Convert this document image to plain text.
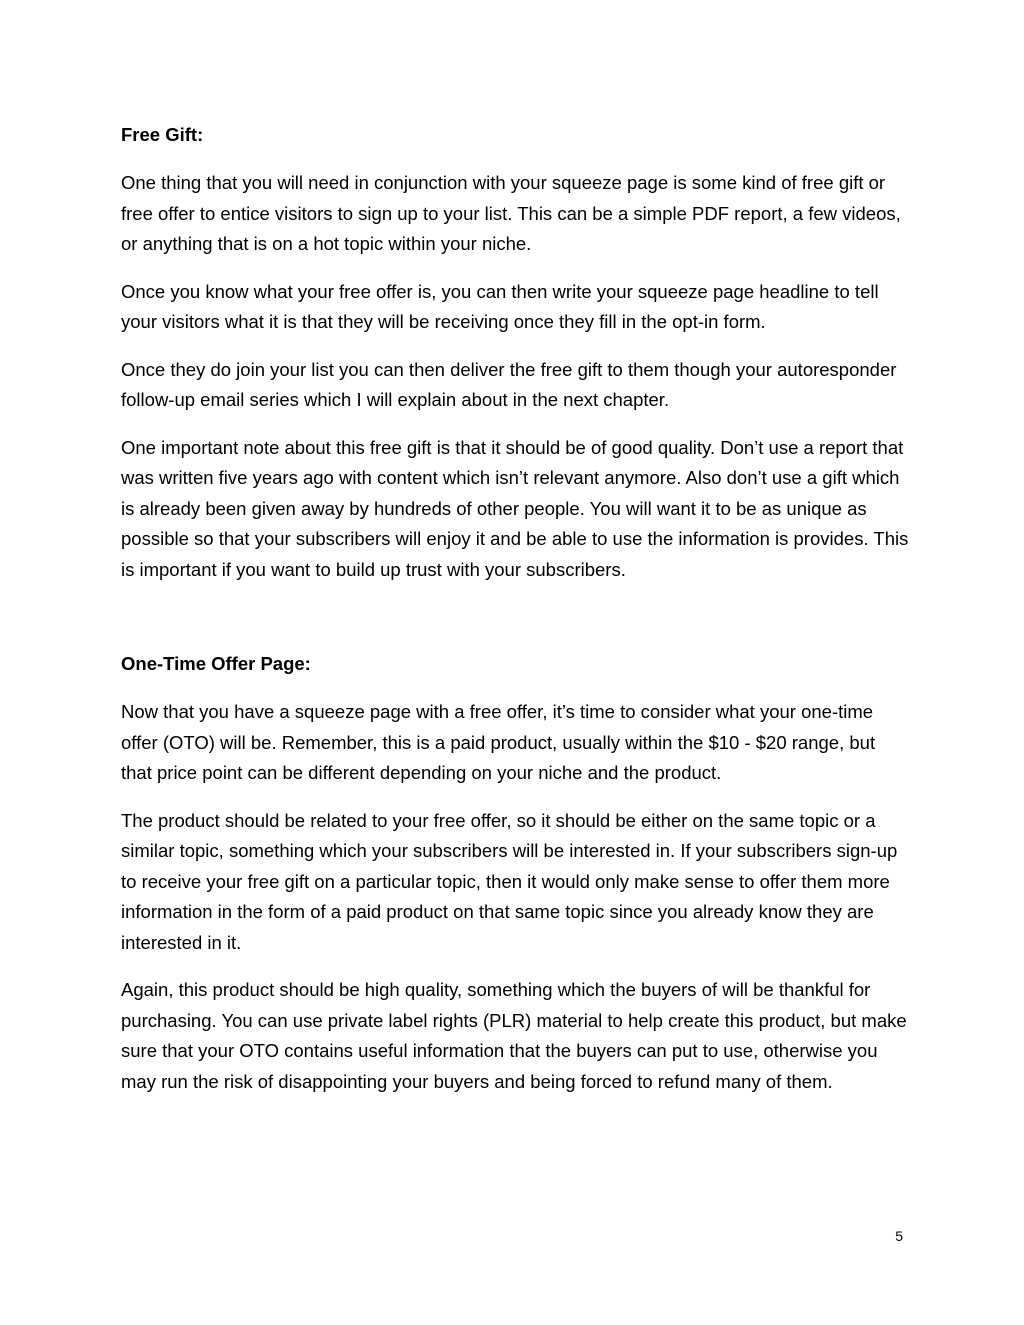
Free Gift:

One thing that you will need in conjunction with your squeeze page is some kind of free gift or free offer to entice visitors to sign up to your list. This can be a simple PDF report, a few videos, or anything that is on a hot topic within your niche.

Once you know what your free offer is, you can then write your squeeze page headline to tell your visitors what it is that they will be receiving once they fill in the opt-in form.

Once they do join your list you can then deliver the free gift to them though your autoresponder follow-up email series which I will explain about in the next chapter.

One important note about this free gift is that it should be of good quality. Don’t use a report that was written five years ago with content which isn’t relevant anymore. Also don’t use a gift which is already been given away by hundreds of other people. You will want it to be as unique as possible so that your subscribers will enjoy it and be able to use the information is provides. This is important if you want to build up trust with your subscribers.

One-Time Offer Page:

Now that you have a squeeze page with a free offer, it’s time to consider what your one-time offer (OTO) will be. Remember, this is a paid product, usually within the $10 - $20 range, but that price point can be different depending on your niche and the product.

The product should be related to your free offer, so it should be either on the same topic or a similar topic, something which your subscribers will be interested in. If your subscribers sign-up to receive your free gift on a particular topic, then it would only make sense to offer them more information in the form of a paid product on that same topic since you already know they are interested in it.

Again, this product should be high quality, something which the buyers of will be thankful for purchasing. You can use private label rights (PLR) material to help create this product, but make sure that your OTO contains useful information that the buyers can put to use, otherwise you may run the risk of disappointing your buyers and being forced to refund many of them.

5
